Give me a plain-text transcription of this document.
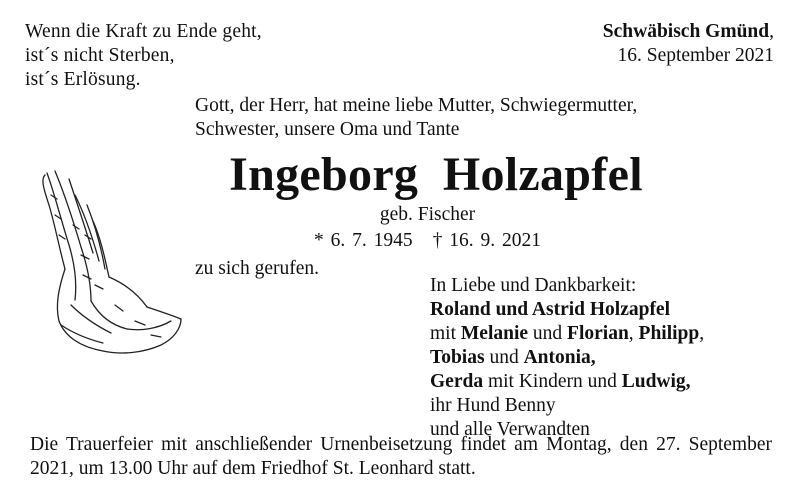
Wenn die Kraft zu Ende geht,
ist´s nicht Sterben,
ist´s Erlösung.
Schwäbisch Gmünd,
16. September 2021
Gott, der Herr, hat meine liebe Mutter, Schwiegermutter,
Schwester, unsere Oma und Tante
Ingeborg  Holzapfel
geb. Fischer
* 6. 7. 1945 † 16. 9. 2021
zu sich gerufen.
In Liebe und Dankbarkeit:
Roland und Astrid Holzapfel
mit Melanie und Florian, Philipp,
Tobias und Antonia,
Gerda mit Kindern und Ludwig,
ihr Hund Benny
und alle Verwandten
Die Trauerfeier mit anschließender Urnenbeisetzung findet am Montag, den 27. September 2021, um 13.00 Uhr auf dem Friedhof St. Leonhard statt.
